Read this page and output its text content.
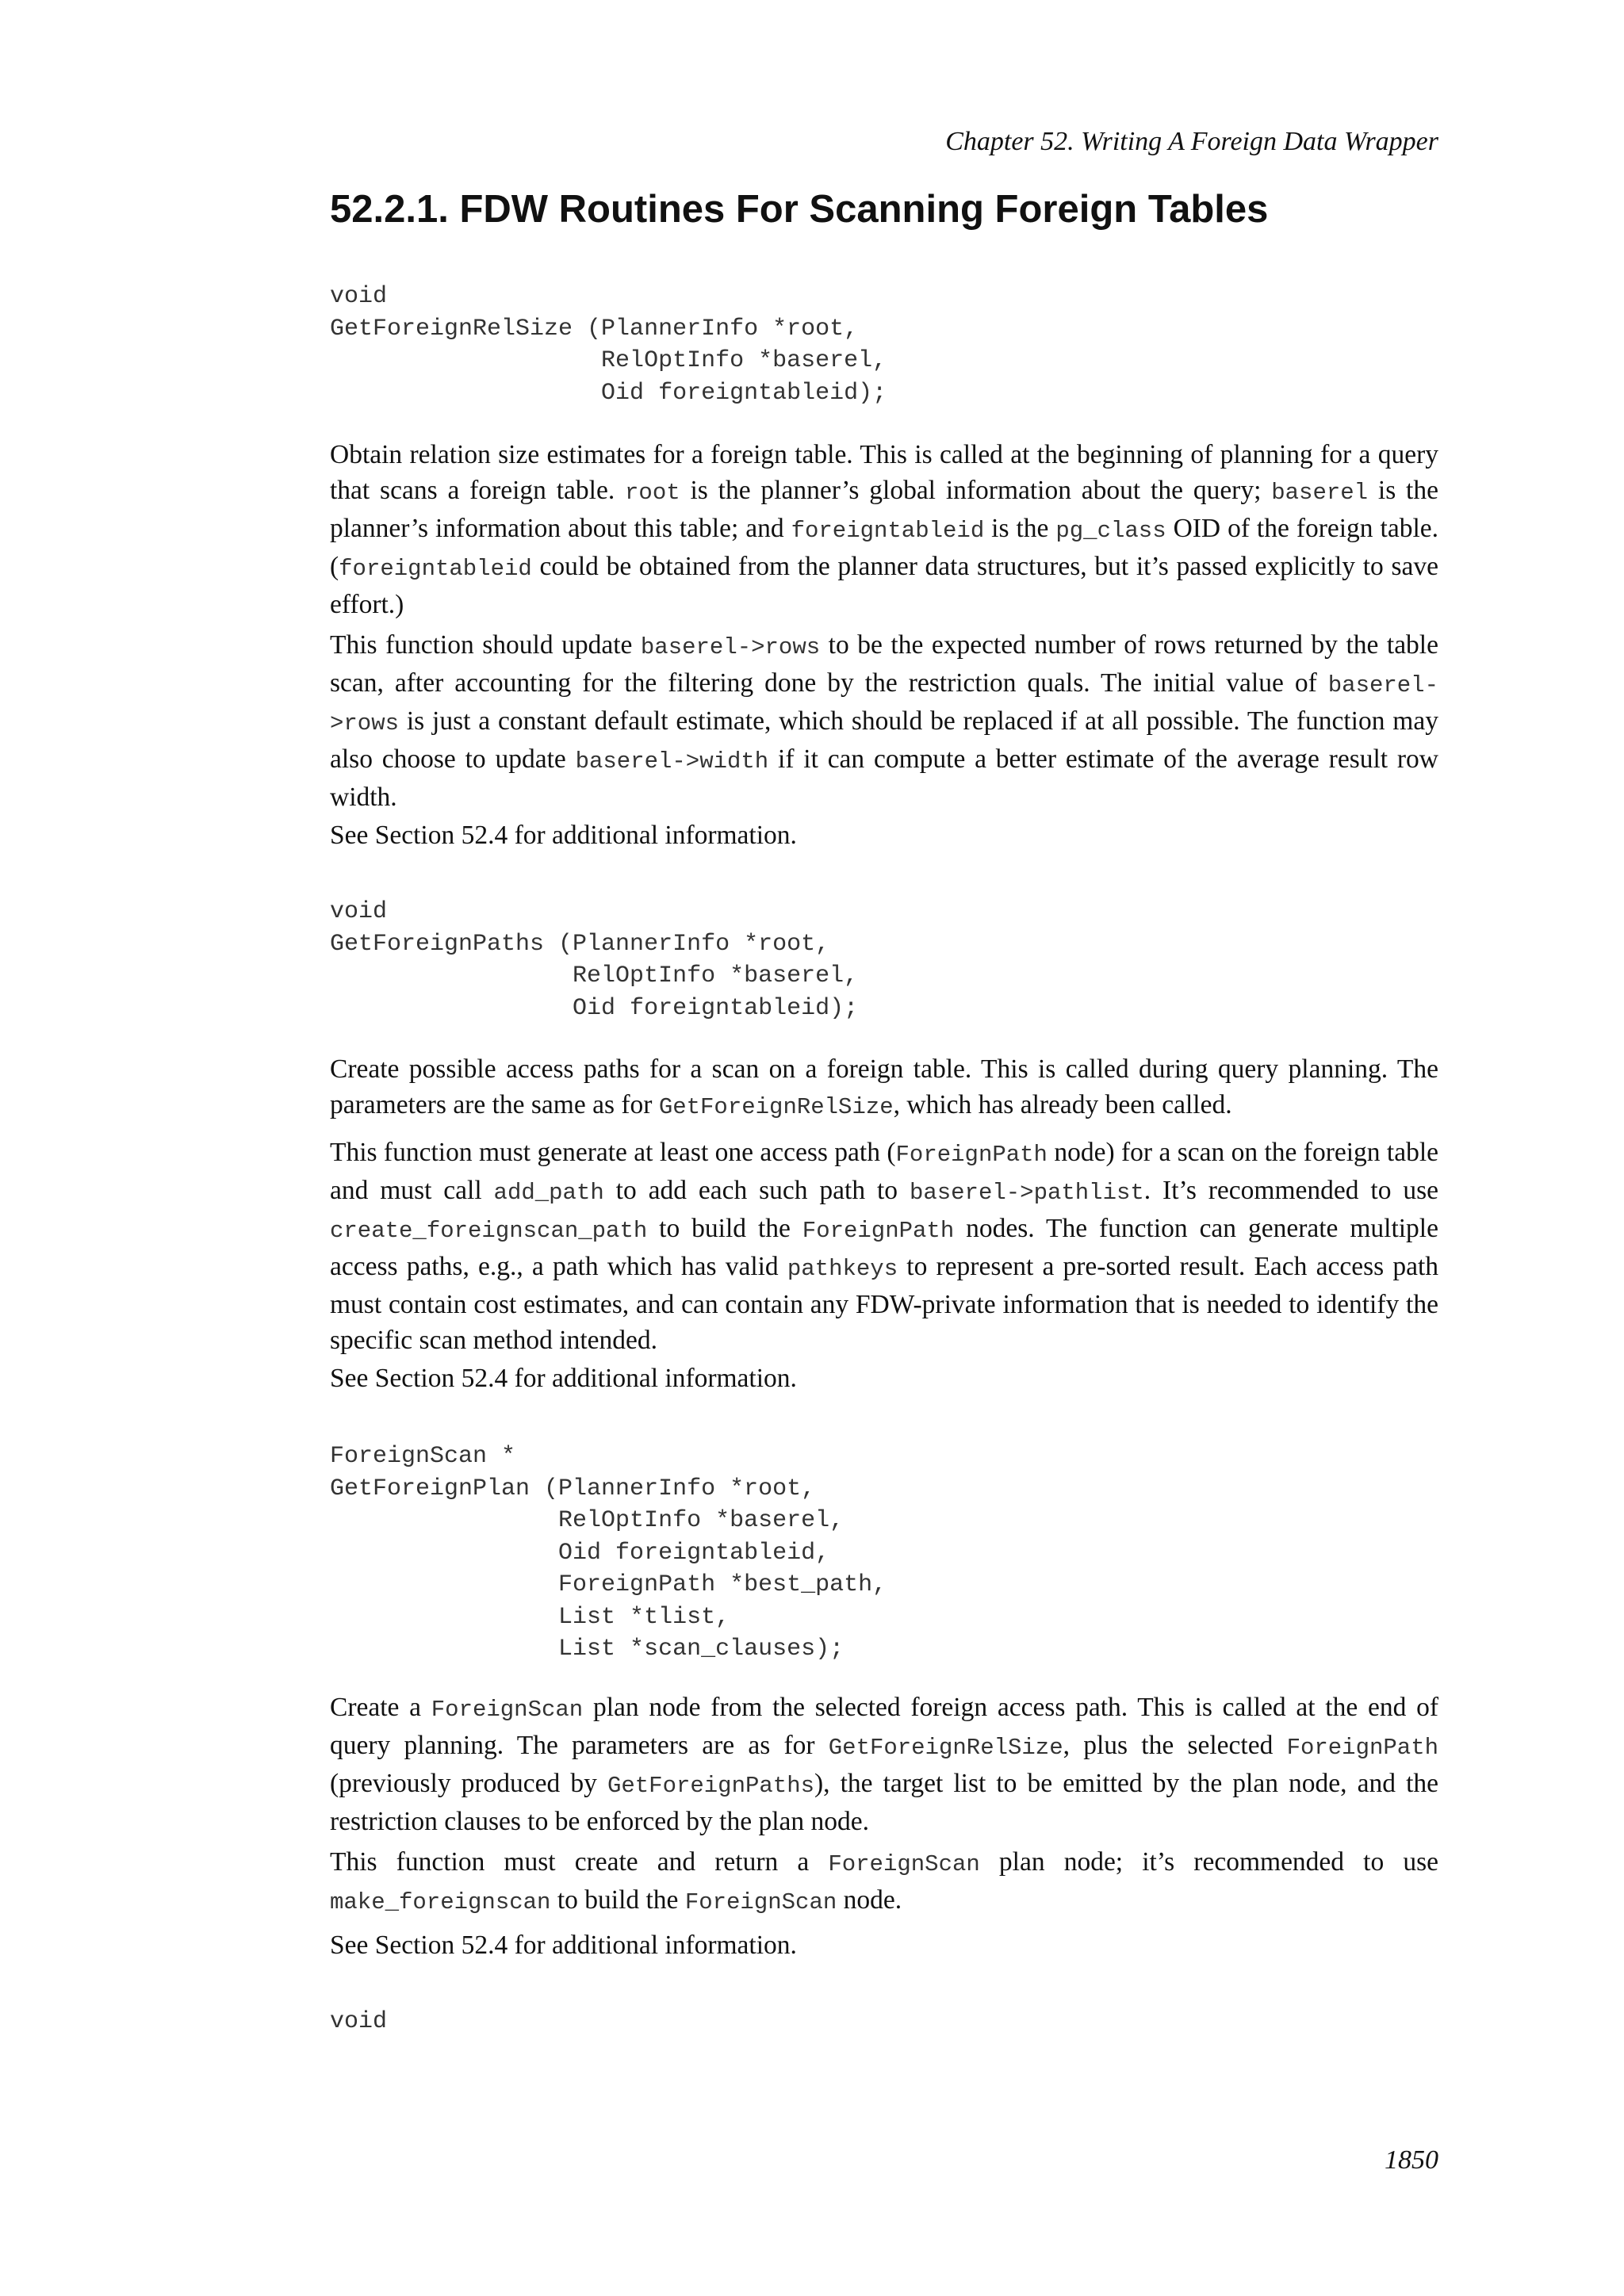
Chapter 52. Writing A Foreign Data Wrapper
52.2.1. FDW Routines For Scanning Foreign Tables
void
GetForeignRelSize (PlannerInfo *root,
RelOptInfo *baserel,
Oid foreigntableid);

Obtain relation size estimates for a foreign table. This is called at the beginning of planning for a query that scans a foreign table. root is the planner’s global information about the query; baserel is the planner’s information about this table; and foreigntableid is the pg_class OID of the foreign table. (foreigntableid could be obtained from the planner data structures, but it’s passed explicitly to save effort.)

This function should update baserel->rows to be the expected number of rows returned by the table scan, after accounting for the filtering done by the restriction quals. The initial value of baserel->rows is just a constant default estimate, which should be replaced if at all possible. The function may also choose to update baserel->width if it can compute a better estimate of the average result row width.

See Section 52.4 for additional information.

void
GetForeignPaths (PlannerInfo *root,
RelOptInfo *baserel,
Oid foreigntableid);

Create possible access paths for a scan on a foreign table. This is called during query planning. The parameters are the same as for GetForeignRelSize, which has already been called.

This function must generate at least one access path (ForeignPath node) for a scan on the foreign table and must call add_path to add each such path to baserel->pathlist. It’s recommended to use create_foreignscan_path to build the ForeignPath nodes. The function can generate multiple access paths, e.g., a path which has valid pathkeys to represent a pre-sorted result. Each access path must contain cost estimates, and can contain any FDW-private information that is needed to identify the specific scan method intended.

See Section 52.4 for additional information.

ForeignScan *
GetForeignPlan (PlannerInfo *root,
RelOptInfo *baserel,
Oid foreigntableid,
ForeignPath *best_path,
List *tlist,
List *scan_clauses);

Create a ForeignScan plan node from the selected foreign access path. This is called at the end of query planning. The parameters are as for GetForeignRelSize, plus the selected ForeignPath (previously produced by GetForeignPaths), the target list to be emitted by the plan node, and the restriction clauses to be enforced by the plan node.

This function must create and return a ForeignScan plan node; it’s recommended to use make_foreignscan to build the ForeignScan node.

See Section 52.4 for additional information.

void
1850
